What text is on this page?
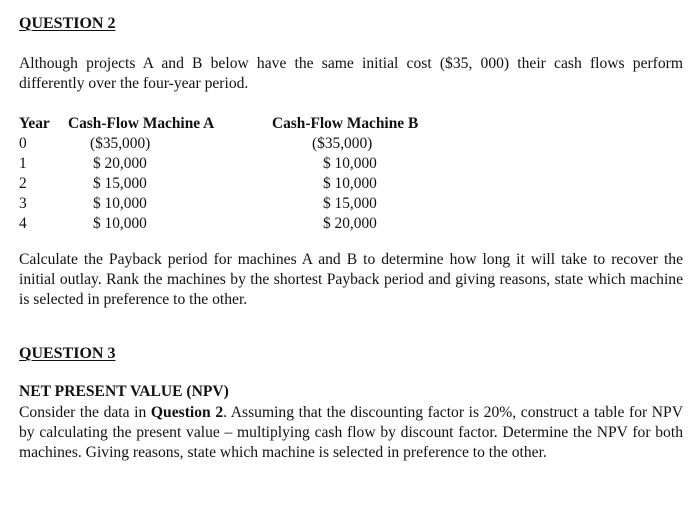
QUESTION 2
Although projects A and B below have the same initial cost ($35, 000) their cash flows perform differently over the four-year period.
Year Cash-Flow Machine A	Cash-Flow Machine B
0
1
2
3
4
($35,000)
$ 20,000
$ 15,000
$ 10,000
$ 10,000
($35,000)
$ 10,000
$ 10,000
$ 15,000
$ 20,000
Calculate the Payback period for machines A and B to determine how long it will take to recover the initial outlay. Rank the machines by the shortest Payback period and giving reasons, state which machine is selected in preference to the other.
QUESTION 3
NET PRESENT VALUE (NPV)
Consider the data in Question 2. Assuming that the discounting factor is 20%, construct a table for NPV by calculating the present value – multiplying cash flow by discount factor. Determine the NPV for both machines. Giving reasons, state which machine is selected in preference to the other.
